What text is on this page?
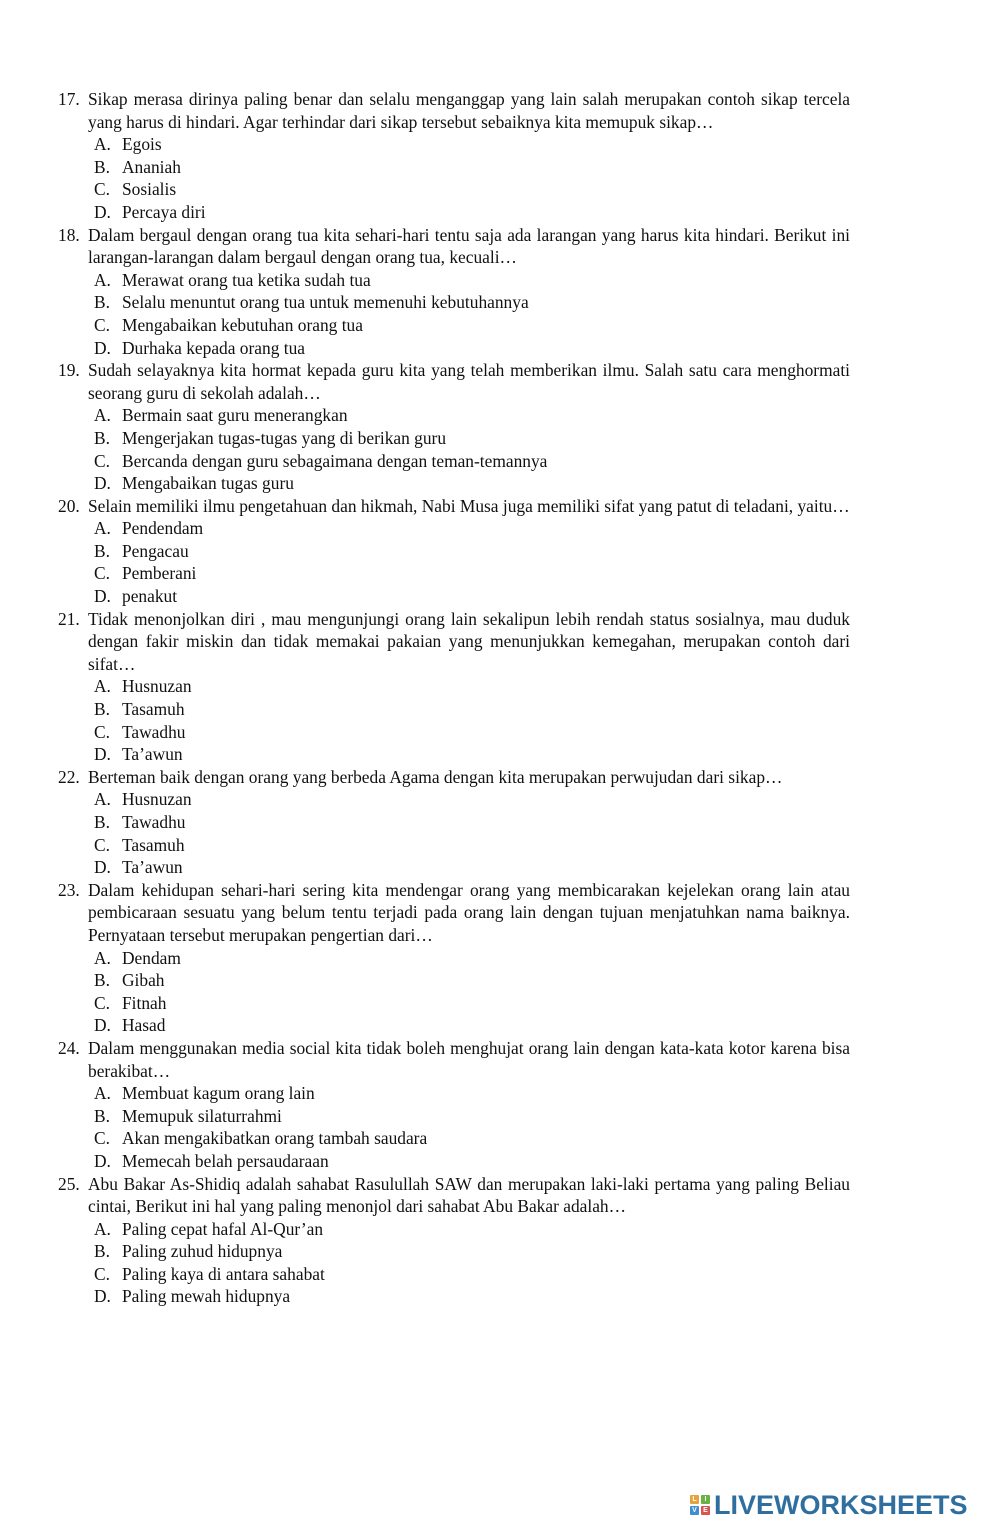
17. Sikap merasa dirinya paling benar dan selalu menganggap yang lain salah merupakan contoh sikap tercela yang harus di hindari. Agar terhindar dari sikap tersebut sebaiknya kita memupuk sikap…

A. Egois
B. Ananiah
C. Sosialis
D. Percaya diri
18. Dalam bergaul dengan orang tua kita sehari-hari tentu saja ada larangan yang harus kita hindari. Berikut ini larangan-larangan dalam bergaul dengan orang tua, kecuali…

A. Merawat orang tua ketika sudah tua
B. Selalu menuntut orang tua untuk memenuhi kebutuhannya
C. Mengabaikan kebutuhan orang tua
D. Durhaka kepada orang tua
19. Sudah selayaknya kita hormat kepada guru kita yang telah memberikan ilmu. Salah satu cara menghormati seorang guru di sekolah adalah…

A. Bermain saat guru menerangkan
B. Mengerjakan tugas-tugas yang di berikan guru
C. Bercanda dengan guru sebagaimana dengan teman-temannya
D. Mengabaikan tugas guru
20. Selain memiliki ilmu pengetahuan dan hikmah, Nabi Musa juga memiliki sifat yang patut di teladani, yaitu…

A. Pendendam
B. Pengacau
C. Pemberani
D. penakut
21. Tidak menonjolkan diri , mau mengunjungi orang lain sekalipun lebih rendah status sosialnya, mau duduk dengan fakir miskin dan tidak memakai pakaian yang menunjukkan kemegahan, merupakan contoh dari sifat…

A. Husnuzan
B. Tasamuh
C. Tawadhu
D. Ta’awun
22. Berteman baik dengan orang yang berbeda Agama dengan kita merupakan perwujudan dari sikap…

A. Husnuzan
B. Tawadhu
C. Tasamuh
D. Ta’awun
23. Dalam kehidupan sehari-hari sering kita mendengar orang yang membicarakan kejelekan orang lain atau pembicaraan sesuatu yang belum tentu terjadi pada orang lain dengan tujuan menjatuhkan nama baiknya. Pernyataan tersebut merupakan pengertian dari…

A. Dendam
B. Gibah
C. Fitnah
D. Hasad
24. Dalam menggunakan media social kita tidak boleh menghujat orang lain dengan kata-kata kotor karena bisa berakibat…

A. Membuat kagum orang lain
B. Memupuk silaturrahmi
C. Akan mengakibatkan orang tambah saudara
D. Memecah belah persaudaraan
25. Abu Bakar As-Shidiq adalah sahabat Rasulullah SAW dan merupakan laki-laki pertama yang paling Beliau cintai, Berikut ini hal yang paling menonjol dari sahabat Abu Bakar adalah…

A. Paling cepat hafal Al-Qur’an
B. Paling zuhud hidupnya
C. Paling kaya di antara sahabat
D. Paling mewah hidupnya
L	I
V E LIVEWORKSHEETS
